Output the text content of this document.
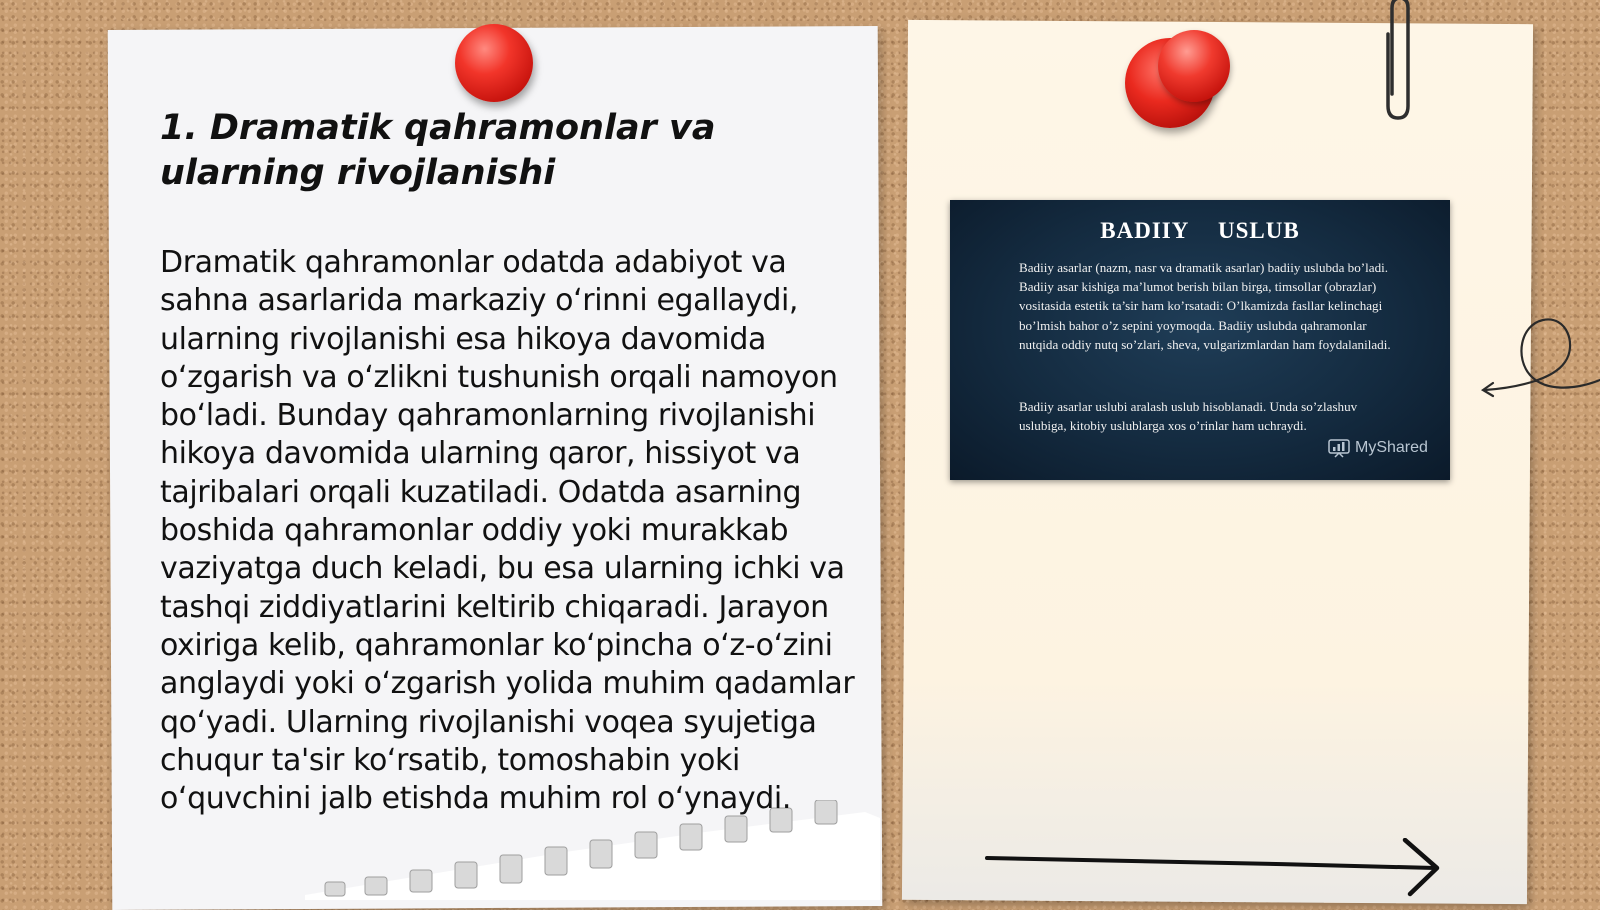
1. Dramatik qahramonlar va ularning rivojlanishi

Dramatik qahramonlar odatda adabiyot va sahna asarlarida markaziy o‘rinni egallaydi, ularning rivojlanishi esa hikoya davomida o‘zgarish va o‘zlikni tushunish orqali namoyon bo‘ladi. Bunday qahramonlarning rivojlanishi hikoya davomida ularning qaror, hissiyot va tajribalari orqali kuzatiladi. Odatda asarning boshida qahramonlar oddiy yoki murakkab vaziyatga duch keladi, bu esa ularning ichki va tashqi ziddiyatlarini keltirib chiqaradi. Jarayon oxiriga kelib, qahramonlar ko‘pincha o‘z-o‘zini anglaydi yoki o‘zgarish yolida muhim qadamlar qo‘yadi. Ularning rivojlanishi voqea syujetiga chuqur ta'sir ko‘rsatib, tomoshabin yoki o‘quvchini jalb etishda muhim rol o‘ynaydi.

BADIIY  USLUB

Badiiy asarlar (nazm, nasr va dramatik asarlar) badiiy uslubda bo’ladi. Badiiy asar kishiga ma’lumot berish bilan birga, timsollar (obrazlar) vositasida estetik ta’sir ham ko’rsatadi: O’lkamizda fasllar kelinchagi bo’lmish bahor o’z sepini yoymoqda. Badiiy uslubda qahramonlar nutqida oddiy nutq so’zlari, sheva, vulgarizmlardan ham foydalaniladi.

Badiiy asarlar uslubi aralash uslub hisoblanadi. Unda so’zlashuv uslubiga, kitobiy uslublarga xos o’rinlar ham uchraydi.

MyShared
